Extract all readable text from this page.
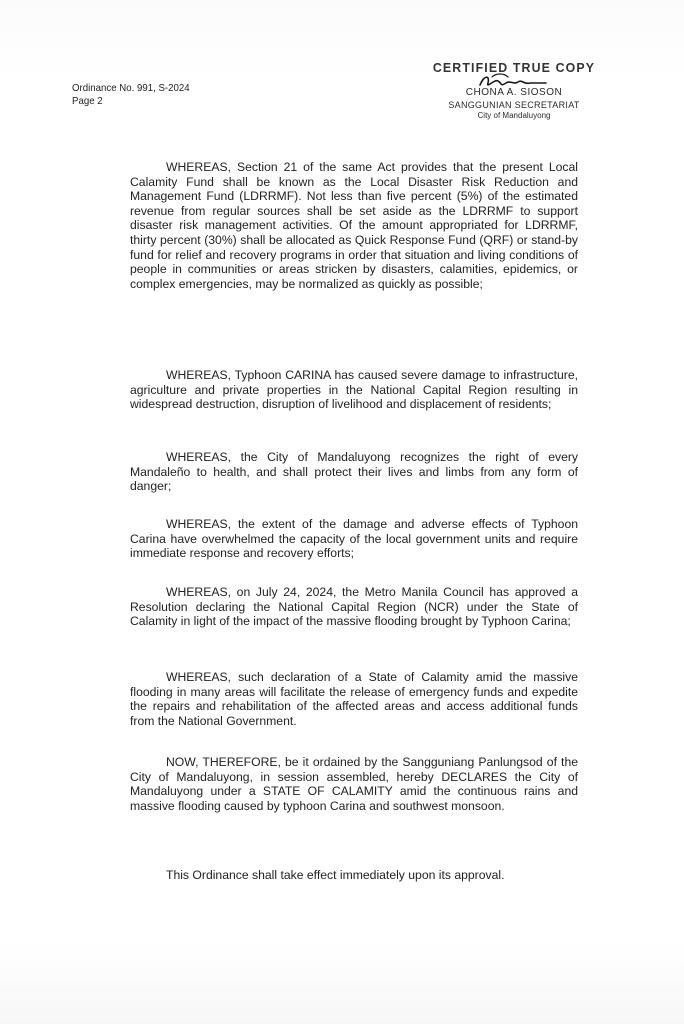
Ordinance No. 991, S-2024
Page 2
CERTIFIED TRUE COPY
CHONA A. SIOSON
SANGGUNIAN SECRETARIAT
City of Mandaluyong

WHEREAS, Section 21 of the same Act provides that the present Local Calamity Fund shall be known as the Local Disaster Risk Reduction and Management Fund (LDRRMF). Not less than five percent (5%) of the estimated revenue from regular sources shall be set aside as the LDRRMF to support disaster risk management activities. Of the amount appropriated for LDRRMF, thirty percent (30%) shall be allocated as Quick Response Fund (QRF) or stand-by fund for relief and recovery programs in order that situation and living conditions of people in communities or areas stricken by disasters, calamities, epidemics, or complex emergencies, may be normalized as quickly as possible;

WHEREAS, Typhoon CARINA has caused severe damage to infrastructure, agriculture and private properties in the National Capital Region resulting in widespread destruction, disruption of livelihood and displacement of residents;

WHEREAS, the City of Mandaluyong recognizes the right of every Mandaleño to health, and shall protect their lives and limbs from any form of danger;

WHEREAS, the extent of the damage and adverse effects of Typhoon Carina have overwhelmed the capacity of the local government units and require immediate response and recovery efforts;

WHEREAS, on July 24, 2024, the Metro Manila Council has approved a Resolution declaring the National Capital Region (NCR) under the State of Calamity in light of the impact of the massive flooding brought by Typhoon Carina;

WHEREAS, such declaration of a State of Calamity amid the massive flooding in many areas will facilitate the release of emergency funds and expedite the repairs and rehabilitation of the affected areas and access additional funds from the National Government.

NOW, THEREFORE, be it ordained by the Sangguniang Panlungsod of the City of Mandaluyong, in session assembled, hereby DECLARES the City of Mandaluyong under a STATE OF CALAMITY amid the continuous rains and massive flooding caused by typhoon Carina and southwest monsoon.

This Ordinance shall take effect immediately upon its approval.
